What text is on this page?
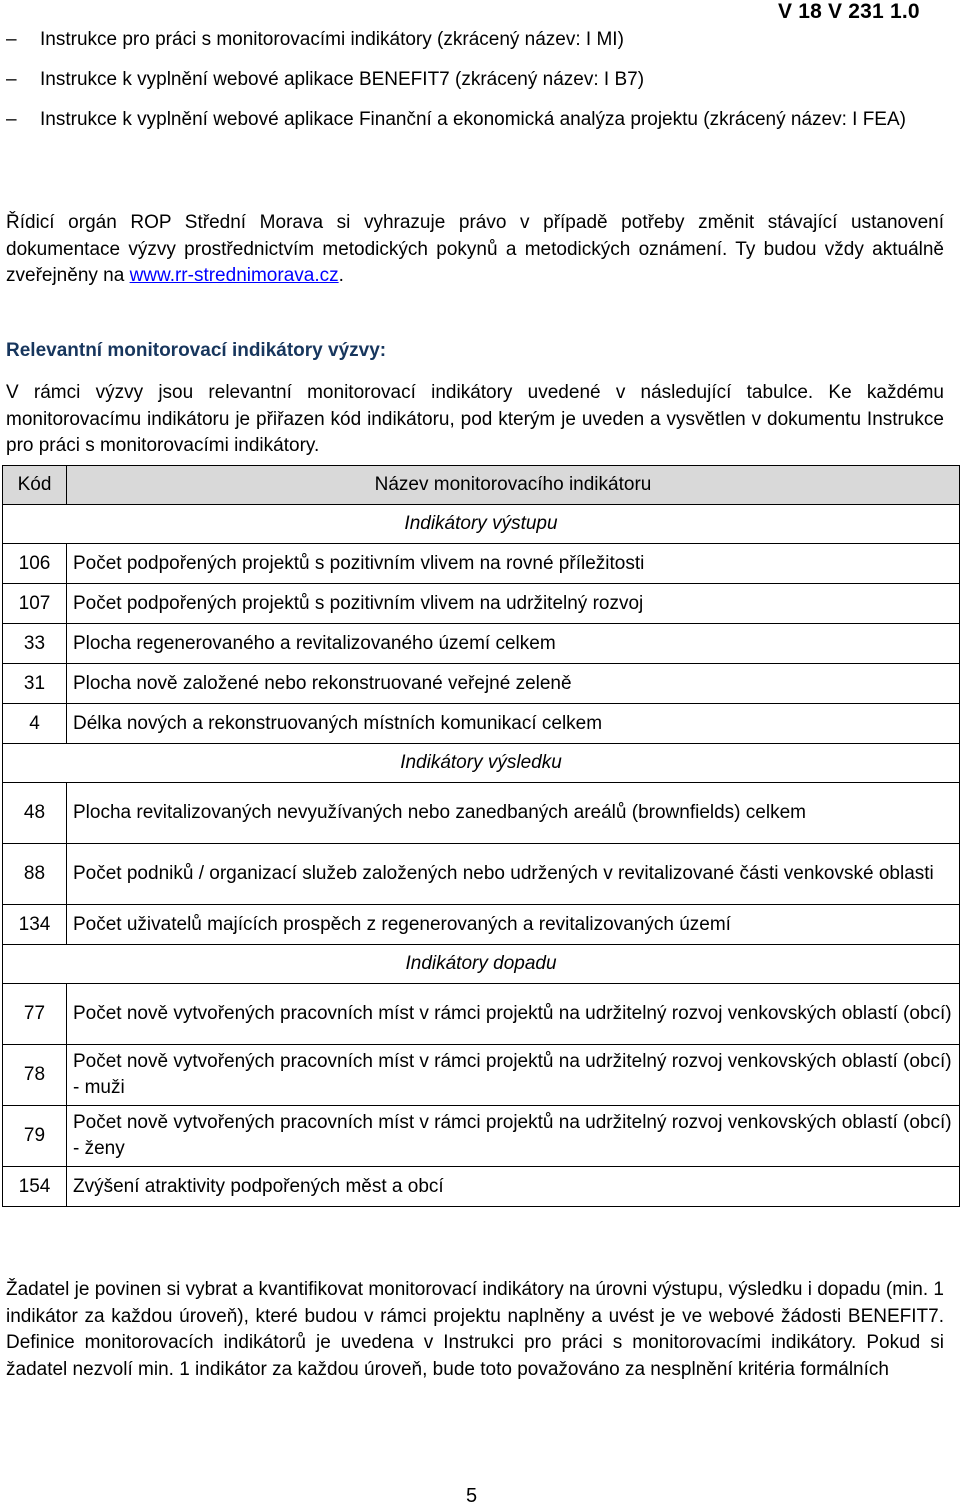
V 18 V 231 1.0
–	Instrukce pro práci s monitorovacími indikátory (zkrácený název: I MI)
–	Instrukce k vyplnění webové aplikace BENEFIT7 (zkrácený název: I B7)
–	Instrukce k vyplnění webové aplikace Finanční a ekonomická analýza projektu (zkrácený název: I FEA)

Řídicí orgán ROP Střední Morava si vyhrazuje právo v případě potřeby změnit stávající ustanovení dokumentace výzvy prostřednictvím metodických pokynů a metodických oznámení. Ty budou vždy aktuálně zveřejněny na www.rr-strednimorava.cz.

Relevantní monitorovací indikátory výzvy:

V rámci výzvy jsou relevantní monitorovací indikátory uvedené v následující tabulce. Ke každému monitorovacímu indikátoru je přiřazen kód indikátoru, pod kterým je uveden a vysvětlen v dokumentu Instrukce pro práci s monitorovacími indikátory.

Kód	Název monitorovacího indikátoru
Indikátory výstupu	
106	Počet podpořených projektů s pozitivním vlivem na rovné příležitosti
107	Počet podpořených projektů s pozitivním vlivem na udržitelný rozvoj
33	Plocha regenerovaného a revitalizovaného území celkem
31	Plocha nově založené nebo rekonstruované veřejné zeleně
4	Délka nových a rekonstruovaných místních komunikací celkem
Indikátory výsledku	
48	Plocha revitalizovaných nevyužívaných nebo zanedbaných areálů (brownfields) celkem
88	Počet podniků / organizací služeb založených nebo udržených v revitalizované části venkovské oblasti
134	Počet uživatelů majících prospěch z regenerovaných a revitalizovaných území
Indikátory dopadu	
77	Počet nově vytvořených pracovních míst v rámci projektů na udržitelný rozvoj venkovských oblastí (obcí)
78	Počet nově vytvořených pracovních míst v rámci projektů na udržitelný rozvoj venkovských oblastí (obcí) - muži
79	Počet nově vytvořených pracovních míst v rámci projektů na udržitelný rozvoj venkovských oblastí (obcí) - ženy
154	Zvýšení atraktivity podpořených měst a obcí

Žadatel je povinen si vybrat a kvantifikovat monitorovací indikátory na úrovni výstupu, výsledku i dopadu (min. 1 indikátor za každou úroveň), které budou v rámci projektu naplněny a uvést je ve webové žádosti BENEFIT7. Definice monitorovacích indikátorů je uvedena v Instrukci pro práci s monitorovacími indikátory. Pokud si žadatel nezvolí min. 1 indikátor za každou úroveň, bude toto považováno za nesplnění kritéria formálních

5
